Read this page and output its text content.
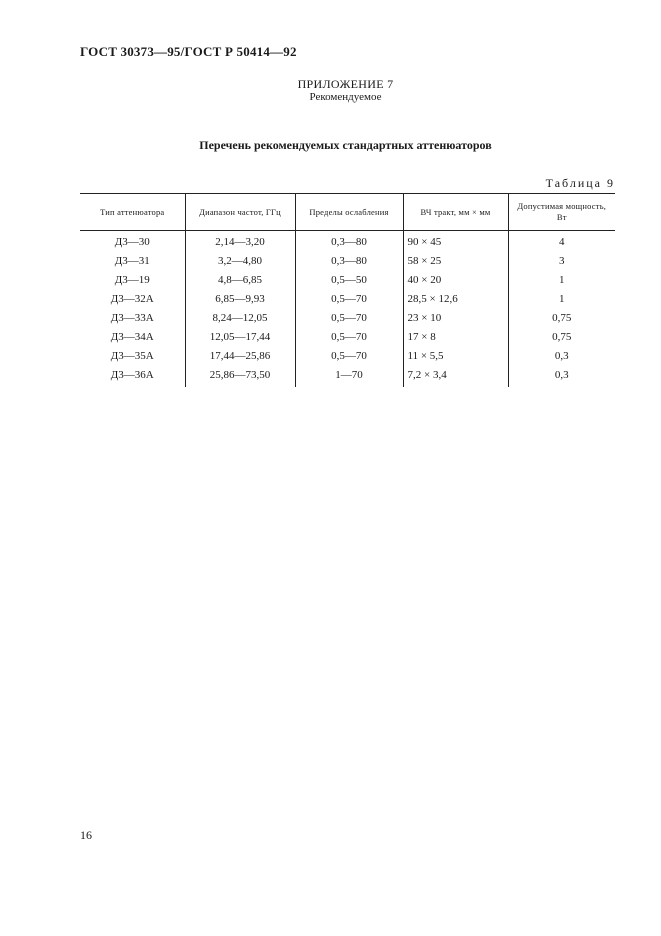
ГОСТ 30373—95/ГОСТ Р 50414—92
ПРИЛОЖЕНИЕ 7
Рекомендуемое
Перечень рекомендуемых стандартных аттенюаторов
Таблица 9
Тип аттенюатора	Диапазон частот, ГГц	Пределы ослабления	ВЧ тракт, мм × мм	Допустимая мощность, Вт
Д3—30	2,14—3,20	0,3—80	90 × 45	4
Д3—31	3,2—4,80	0,3—80	58 × 25	3
Д3—19	4,8—6,85	0,5—50	40 × 20	1
Д3—32А	6,85—9,93	0,5—70	28,5 × 12,6	1
Д3—33А	8,24—12,05	0,5—70	23 × 10	0,75
Д3—34А	12,05—17,44	0,5—70	17 × 8	0,75
Д3—35А	17,44—25,86	0,5—70	11 × 5,5	0,3
Д3—36А	25,86—73,50	1—70	7,2 × 3,4	0,3
16
